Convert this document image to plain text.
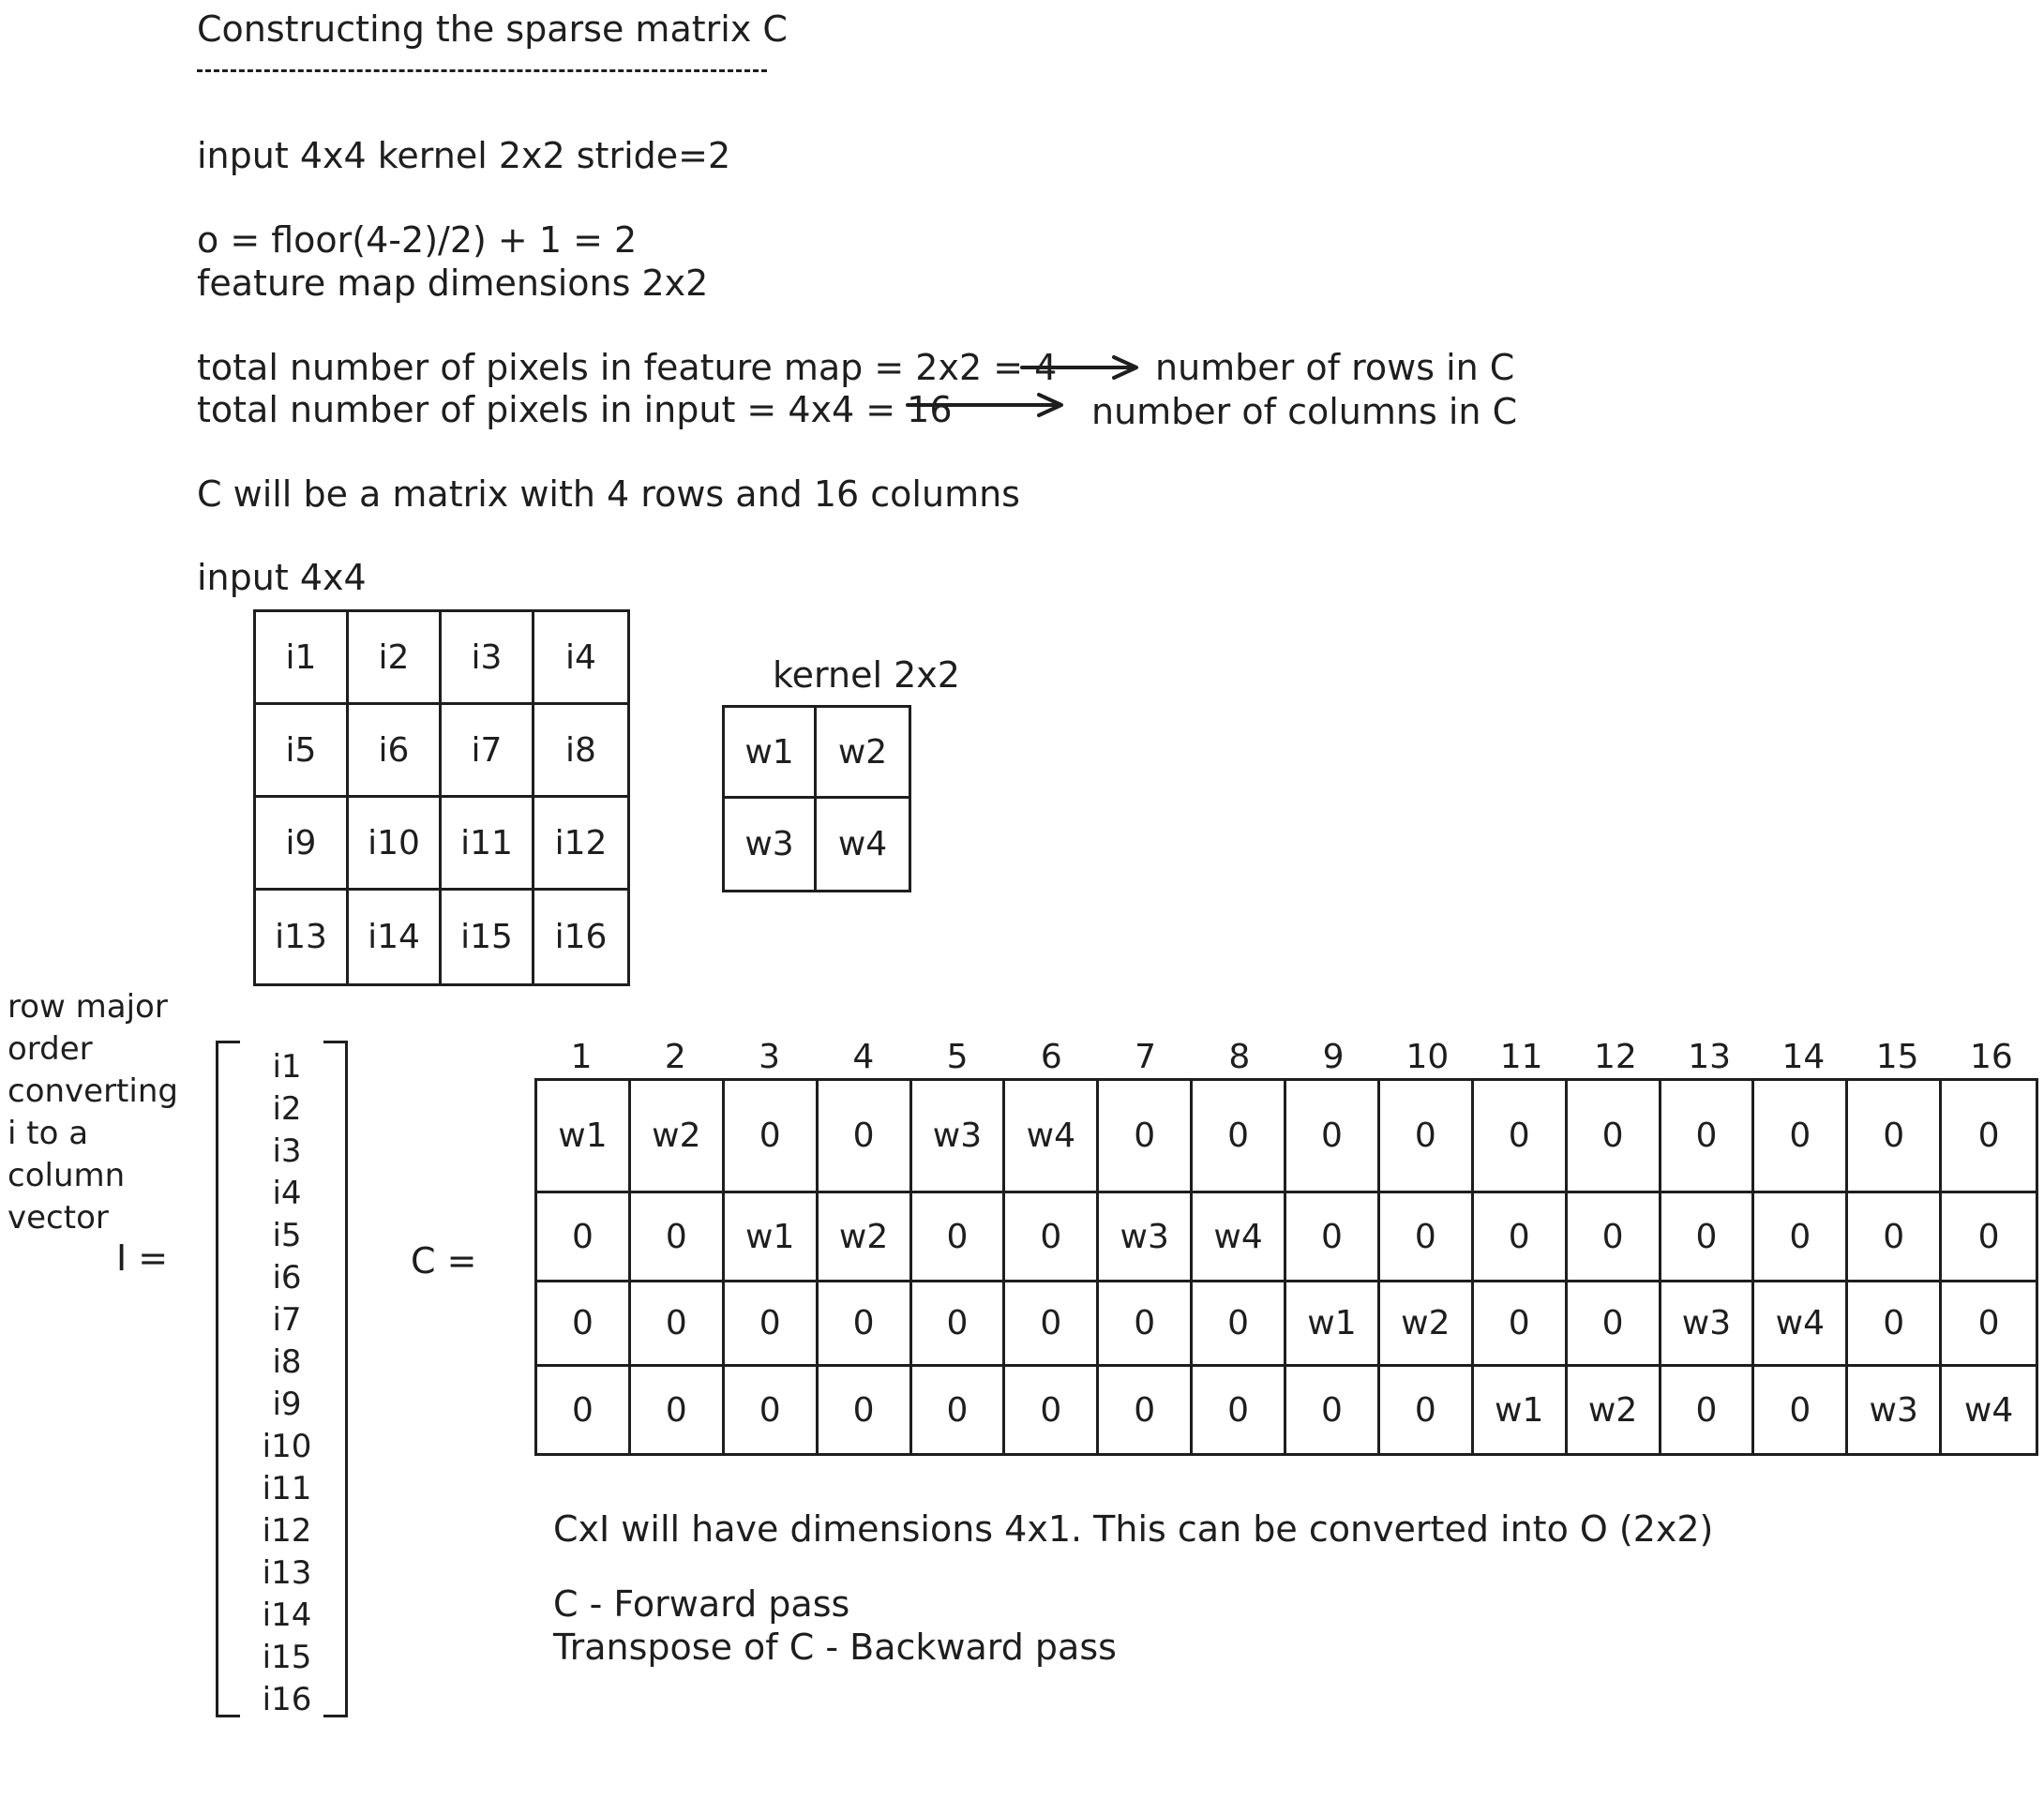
Constructing the sparse matrix C
input 4x4 kernel 2x2 stride=2
o = floor(4-2)/2) + 1 = 2
feature map dimensions 2x2
total number of pixels in feature map = 2x2 = 4	number of rows in C
total number of pixels in input = 4x4 = 16	number of columns in C
C will be a matrix with 4 rows and 16 columns
input 4x4
i1	i2	i3	i4
i5	i6	i7	i8
i9	i10	i11	i12
i13	i14	i15	i16
kernel 2x2
w1	w2
w3	w4
row major order converting i to a column vector
I =
i1
i2
i3
i4
i5
i6
i7
i8
i9
i10
i11
i12
i13
i14
i15
i16
C =
1	2	3	4	5	6	7	8	9	10	11	12	13	14	15	16
w1	w2	0	0	w3	w4	0	0	0	0	0	0	0	0	0	0
0	0	w1	w2	0	0	w3	w4	0	0	0	0	0	0	0	0
0	0	0	0	0	0	0	0	w1	w2	0	0	w3	w4	0	0
0	0	0	0	0	0	0	0	0	0	w1	w2	0	0	w3	w4
CxI will have dimensions 4x1. This can be converted into O (2x2)
C - Forward pass
Transpose of C - Backward pass
